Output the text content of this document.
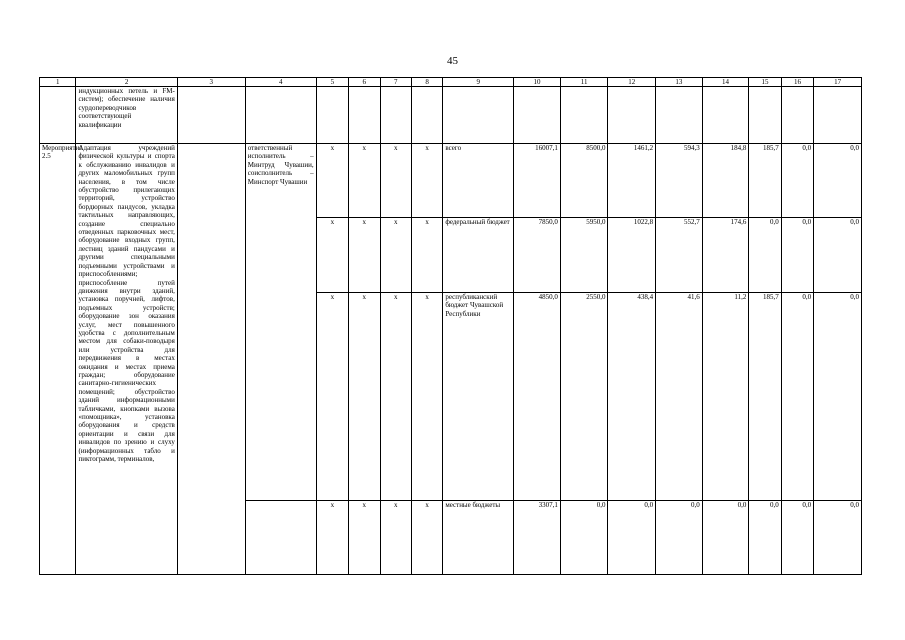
45
1	2	3	4	5	6	7	8	9	10	11	12	13	14	15	16	17
	индукционных петель и FM-систем); обеспечение наличия сурдопереводчиков соответствующей квалификации															
Мероприятие 2.5	Адаптация учреждений физической культуры и спорта к обслуживанию инвалидов и других маломобильных групп населения, в том числе обустройство прилегающих территорий, устройство бордюрных пандусов, укладка тактильных направляющих, создание специально отведенных парковочных мест, оборудование входных групп, лестниц зданий пандусами и другими специальными подъемными устройствами и приспособлениями; приспособление путей движения внутри зданий, установка поручней, лифтов, подъемных устройств; оборудование зон оказания услуг, мест повышенного удобства с дополнительным местом для собаки-поводыря или устройства для передвижения в местах ожидания и местах приема граждан; оборудование санитарно-гигиенических помещений; обустройство зданий информационными табличками, кнопками вызова «помощника», установка оборудования и средств ориентации и связи для инвалидов по зрению и слуху (информационных табло и пиктограмм, терминалов,		ответственный исполнитель – Минтруд Чувашии, соисполнитель – Минспорт Чувашии	x	x	x	x	всего	16007,1	8500,0	1461,2	594,3	184,8	185,7	0,0	0,0
				x	x	x	x	федеральный бюджет	7850,0	5950,0	1022,8	552,7	174,6	0,0	0,0	0,0
				x	x	x	x	республиканский бюджет Чувашской Республики	4850,0	2550,0	438,4	41,6	11,2	185,7	0,0	0,0
				x	x	x	x	местные бюджеты	3307,1	0,0	0,0	0,0	0,0	0,0	0,0	0,0
